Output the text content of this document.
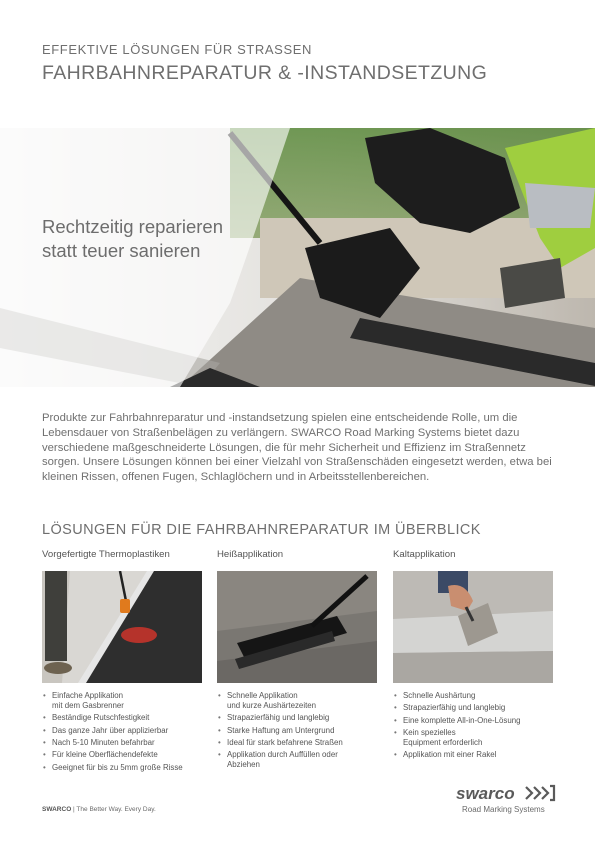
EFFEKTIVE LÖSUNGEN FÜR STRASSEN
FAHRBAHNREPARATUR & -INSTANDSETZUNG
Rechtzeitig reparieren
statt teuer sanieren
Produkte zur Fahrbahnreparatur und -instandsetzung spielen eine entscheidende Rolle, um die Lebensdauer von Straßenbelägen zu verlängern. SWARCO Road Marking Systems bietet dazu verschiedene maßgeschneiderte Lösungen, die für mehr Sicherheit und Effizienz im Straßennetz sorgen. Unsere Lösungen können bei einer Vielzahl von Straßenschäden eingesetzt werden, etwa bei kleinen Rissen, offenen Fugen, Schlaglöchern und in Arbeitsstellenbereichen.
LÖSUNGEN FÜR DIE FAHRBAHNREPARATUR IM ÜBERBLICK
Vorgefertigte Thermoplastiken
• Einfache Applikation
mit dem Gasbrenner
• Beständige Rutschfestigkeit
• Das ganze Jahr über applizierbar
• Nach 5-10 Minuten befahrbar
• Für kleine Oberflächendefekte
• Geeignet für bis zu 5mm große Risse
Heißapplikation
• Schnelle Applikation
und kurze Aushärtezeiten
• Strapazierfähig und langlebig
• Starke Haftung am Untergrund
• Ideal für stark befahrene Straßen
• Applikation durch Auffüllen oder
Abziehen
Kaltapplikation
• Schnelle Aushärtung
• Strapazierfähig und langlebig
• Eine komplette All-in-One-Lösung
• Kein spezielles
Equipment erforderlich
• Applikation mit einer Rakel
SWARCO | The Better Way. Every Day.
swarco
Road Marking Systems
